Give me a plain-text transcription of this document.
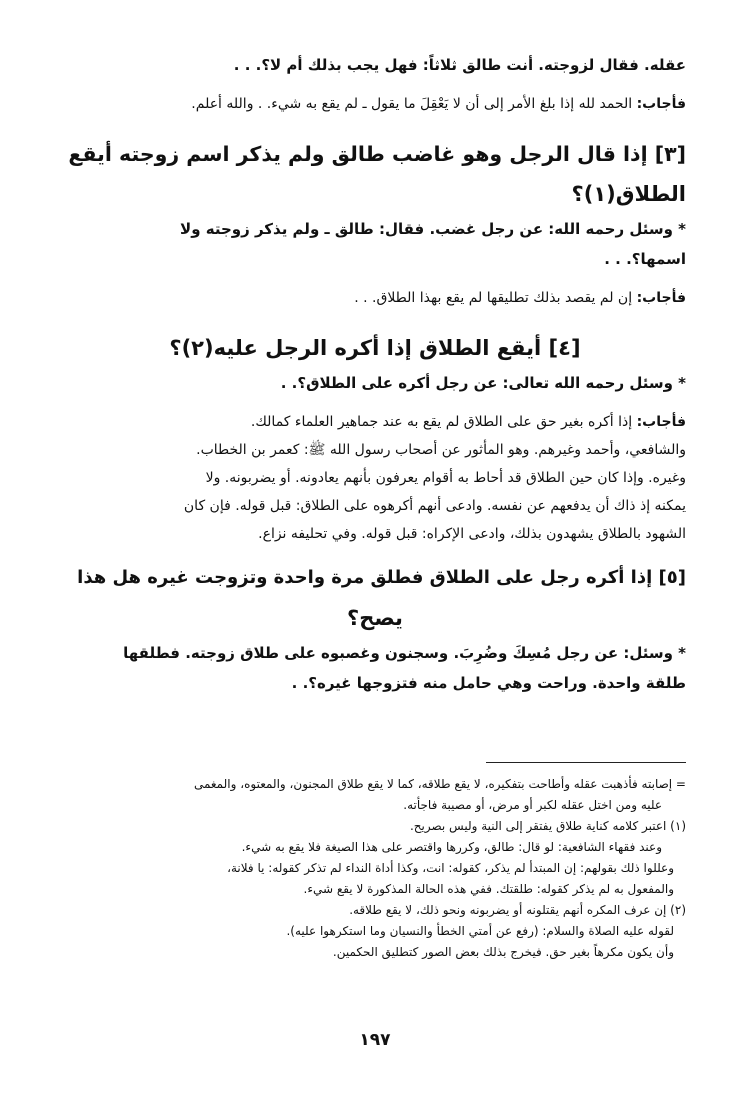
عقله. فقال لزوجته. أنت طالق ثلاثاً: فهل يجب بذلك أم لا؟. . .
فأجاب: الحمد لله إذا بلغ الأمر إلى أن لا يَعْقِلَ ما يقول ـ لم يقع به شيء. . والله أعلم.
[٣] إذا قال الرجل وهو غاضب طالق ولم يذكر اسم زوجته أيقع
الطلاق(١)؟
* وسئل رحمه الله: عن رجل غضب. فقال: طالق ـ ولم يذكر زوجته ولا
اسمها؟. . .
فأجاب: إن لم يقصد بذلك تطليقها لم يقع بهذا الطلاق. . .
[٤] أيقع الطلاق إذا أكره الرجل عليه(٢)؟
* وسئل رحمه الله تعالى: عن رجل أكره على الطلاق؟. .
فأجاب: إذا أكره بغير حق على الطلاق لم يقع به عند جماهير العلماء كمالك.
والشافعي، وأحمد وغيرهم. وهو المأثور عن أصحاب رسول الله ﷺ: كعمر بن الخطاب.
وغيره. وإذا كان حين الطلاق قد أحاط به أقوام يعرفون بأنهم يعادونه. أو يضربونه. ولا
يمكنه إذ ذاك أن يدفعهم عن نفسه. وادعى أنهم أكرهوه على الطلاق: قبل قوله. فإن كان
الشهود بالطلاق يشهدون بذلك، وادعى الإكراه: قبل قوله. وفي تحليفه نزاع.
[٥] إذا أكره رجل على الطلاق فطلق مرة واحدة وتزوجت غيره هل هذا
يصح؟
* وسئل: عن رجل مُسِكَ وضُرِبَ. وسجنون وغصبوه على طلاق زوجته. فطلقها
طلقة واحدة. وراحت وهي حامل منه فتزوجها غيره؟. .
= إصابته فأذهبت عقله وأطاحت بتفكيره، لا يقع طلاقه، كما لا يقع طلاق المجنون، والمعتوه، والمغمى
عليه ومن اختل عقله لكبر أو مرض، أو مصيبة فاجأته.
(١) اعتبر كلامه كناية طلاق يفتقر إلى النية وليس بصريح.
وعند فقهاء الشافعية: لو قال: طالق، وكررها واقتصر على هذا الصيغة فلا يقع به شيء.
وعللوا ذلك بقولهم: إن المبتدأ لم يذكر، كقوله: انت، وكذا أداة النداء لم تذكر كقوله: يا فلانة،
والمفعول به لم يذكر كقوله: طلقتك. ففي هذه الحالة المذكورة لا يقع شيء.
(٢) إن عرف المكره أنهم يقتلونه أو يضربونه ونحو ذلك، لا يقع طلاقه.
لقوله عليه الصلاة والسلام: (رفع عن أمتي الخطأ والنسيان وما استكرهوا عليه).
وأن يكون مكرهاً بغير حق. فيخرج بذلك بعض الصور كتطليق الحكمين.
١٩٧
